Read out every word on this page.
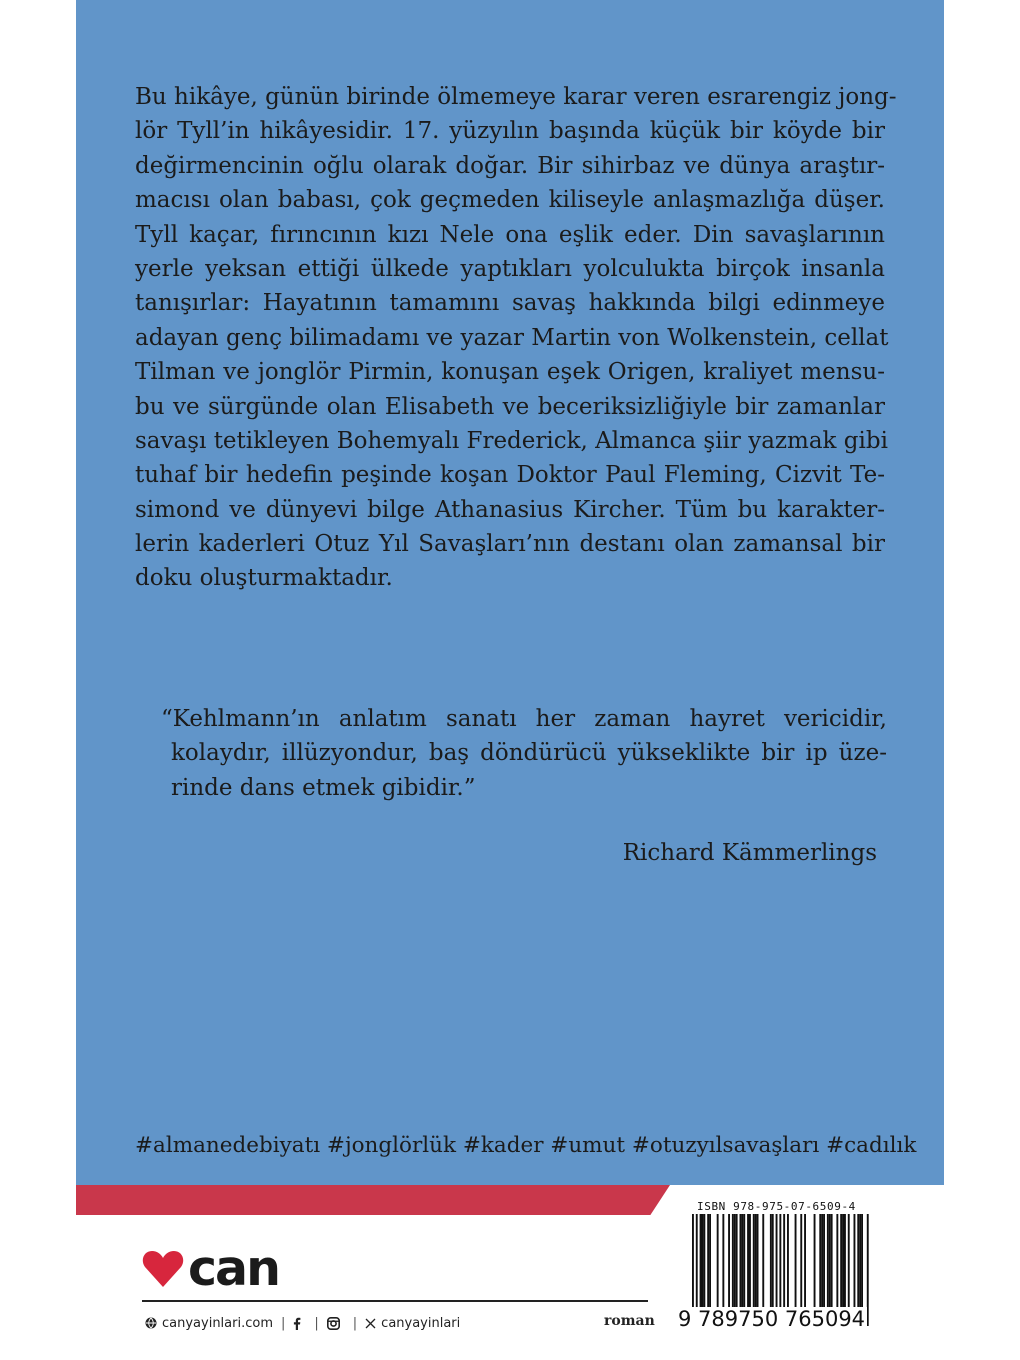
Bu hikâye, günün birinde ölmemeye karar veren esrarengiz jong-
lör Tyll’in hikâyesidir. 17. yüzyılın başında küçük bir köyde bir
değirmencinin oğlu olarak doğar. Bir sihirbaz ve dünya araştır-
macısı olan babası, çok geçmeden kiliseyle anlaşmazlığa düşer.
Tyll kaçar, fırıncının kızı Nele ona eşlik eder. Din savaşlarının
yerle yeksan ettiği ülkede yaptıkları yolculukta birçok insanla
tanışırlar: Hayatının tamamını savaş hakkında bilgi edinmeye
adayan genç bilimadamı ve yazar Martin von Wolkenstein, cellat
Tilman ve jonglör Pirmin, konuşan eşek Origen, kraliyet mensu-
bu ve sürgünde olan Elisabeth ve beceriksizliğiyle bir zamanlar
savaşı tetikleyen Bohemyalı Frederick, Almanca şiir yazmak gibi
tuhaf bir hedefin peşinde koşan Doktor Paul Fleming, Cizvit Te-
simond ve dünyevi bilge Athanasius Kircher. Tüm bu karakter-
lerin kaderleri Otuz Yıl Savaşları’nın destanı olan zamansal bir
doku oluşturmaktadır.
“Kehlmann’ın anlatım sanatı her zaman hayret vericidir,
kolaydır, illüzyondur, baş döndürücü yükseklikte bir ip üze-
rinde dans etmek gibidir.”
Richard Kämmerlings
#almanedebiyatı #jonglörlük #kader #umut #otuzyılsavaşları #cadılık
can
canyayinlari.com | |	| canyayinlari	roman
ISBN 978-975-07-6509-4
9 789750 765094
